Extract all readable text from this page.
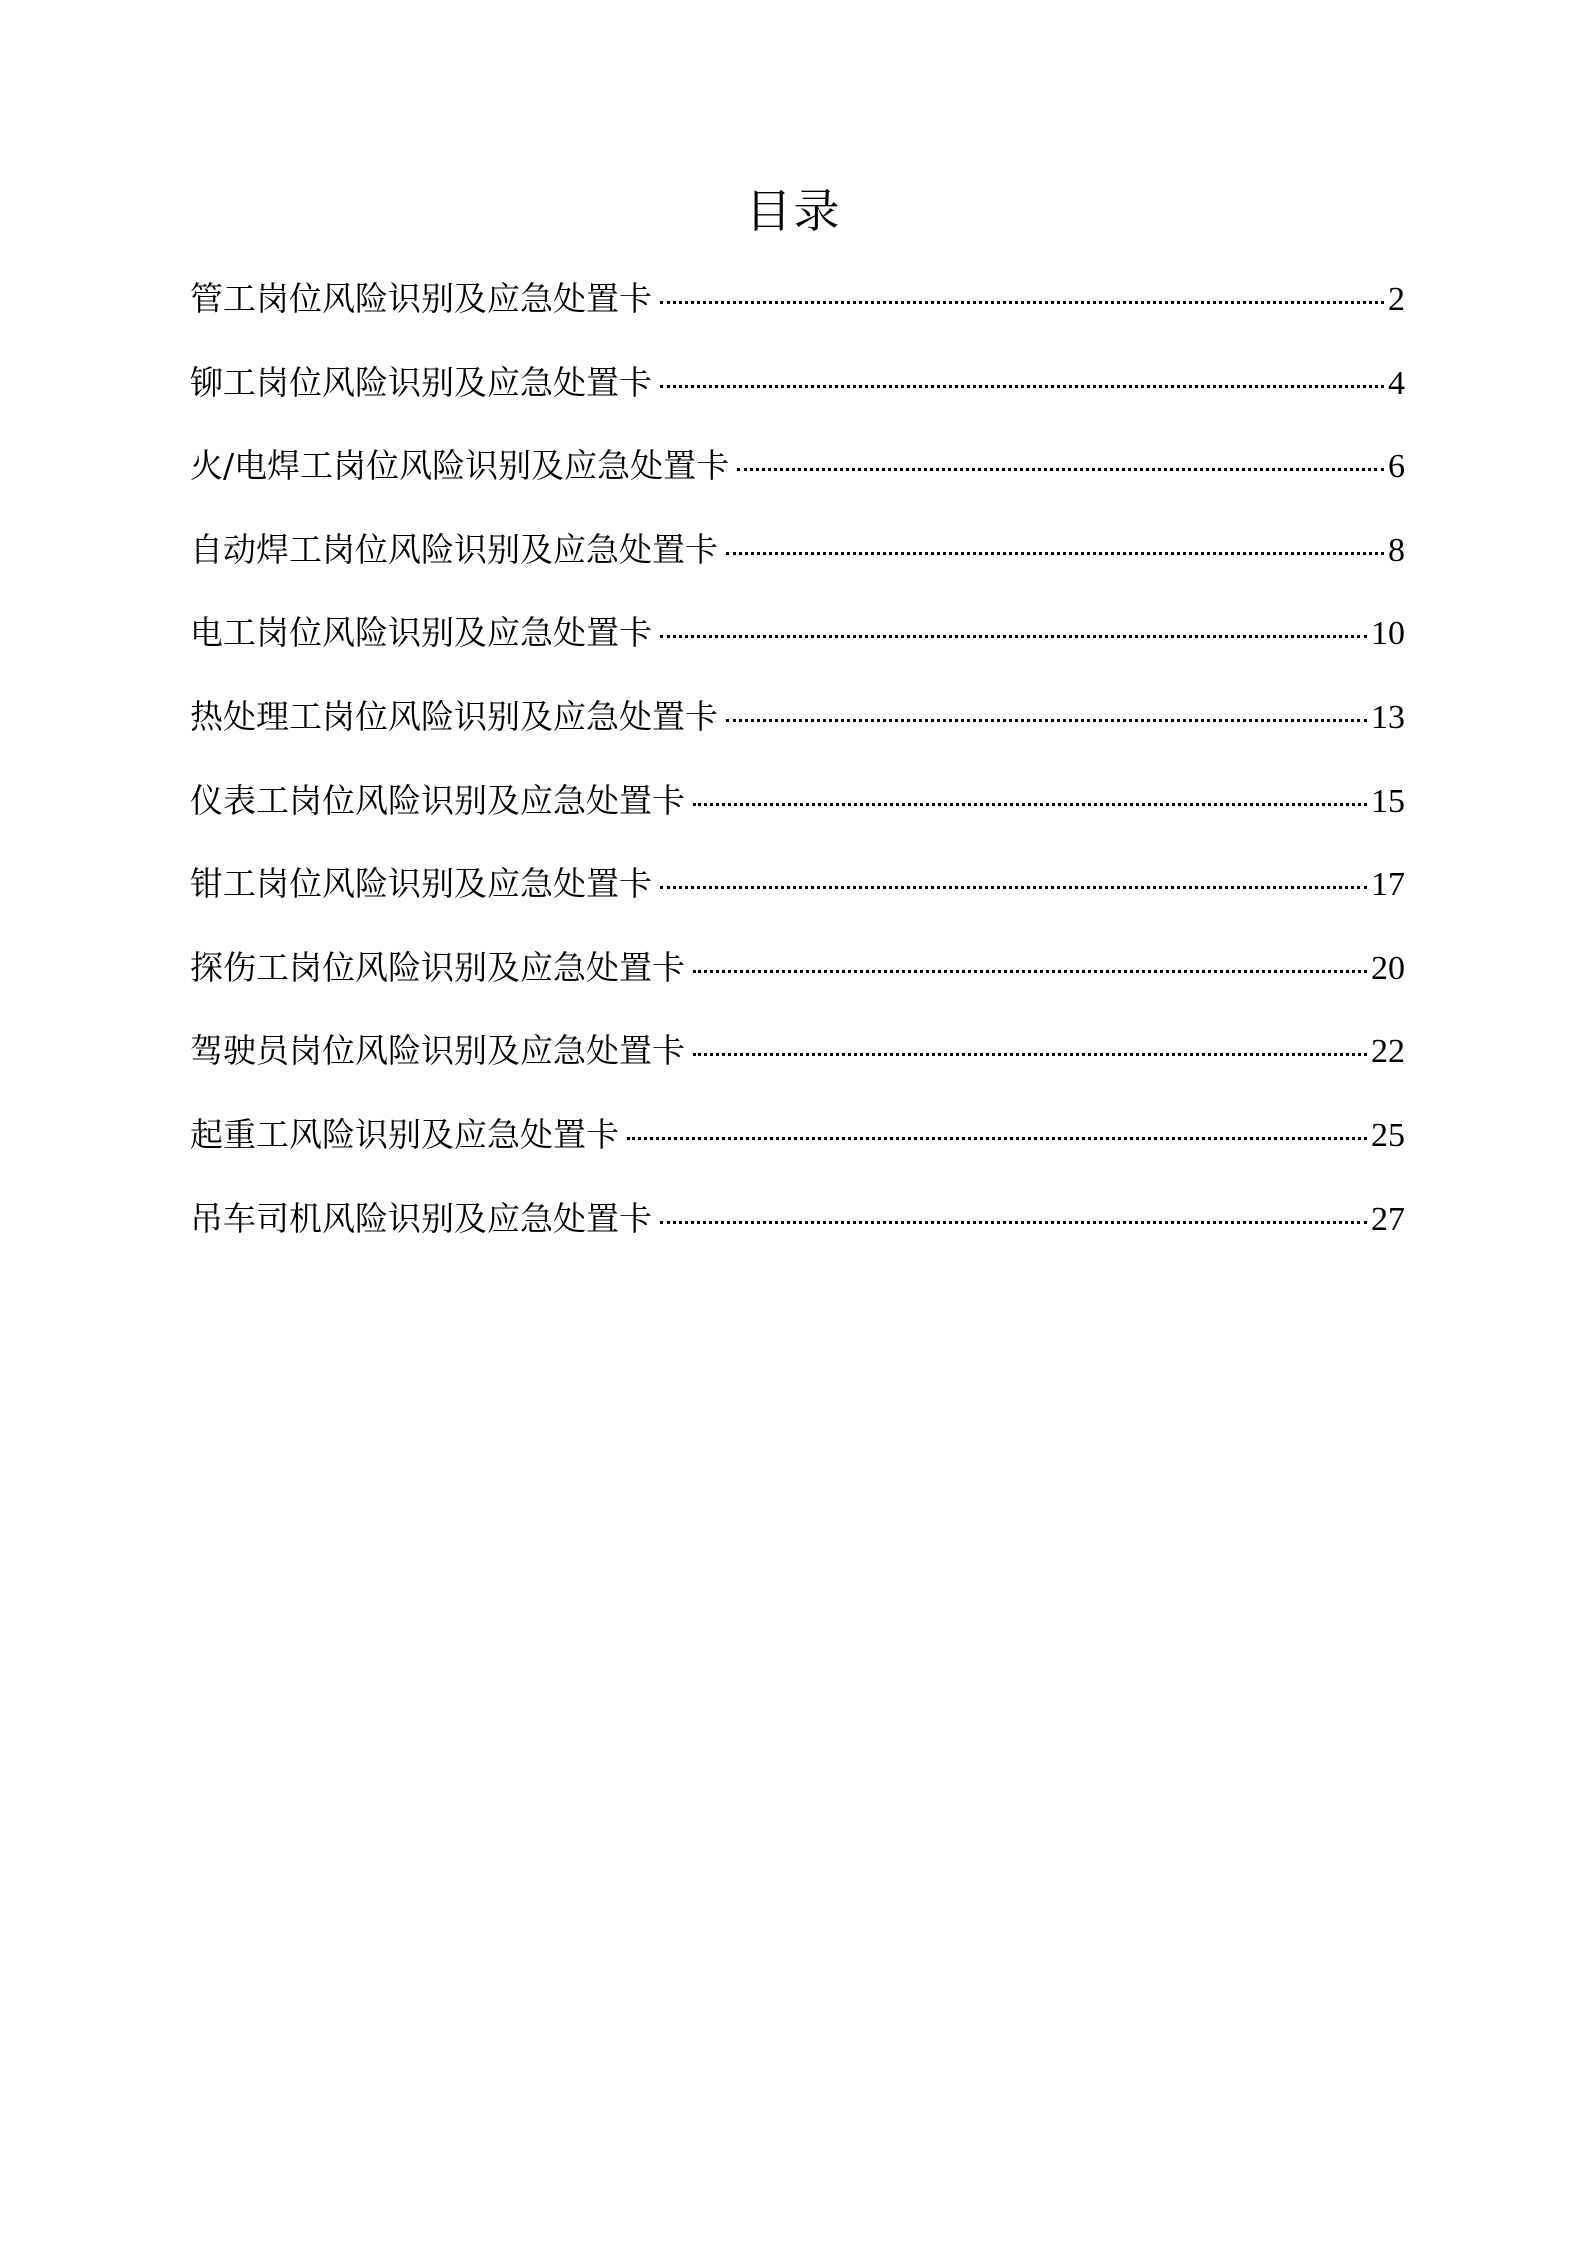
目录
管工岗位风险识别及应急处置卡	2
铆工岗位风险识别及应急处置卡	4
火/电焊工岗位风险识别及应急处置卡	6
自动焊工岗位风险识别及应急处置卡	8
电工岗位风险识别及应急处置卡	10
热处理工岗位风险识别及应急处置卡	13
仪表工岗位风险识别及应急处置卡	15
钳工岗位风险识别及应急处置卡	17
探伤工岗位风险识别及应急处置卡	20
驾驶员岗位风险识别及应急处置卡	22
起重工风险识别及应急处置卡	25
吊车司机风险识别及应急处置卡	27
